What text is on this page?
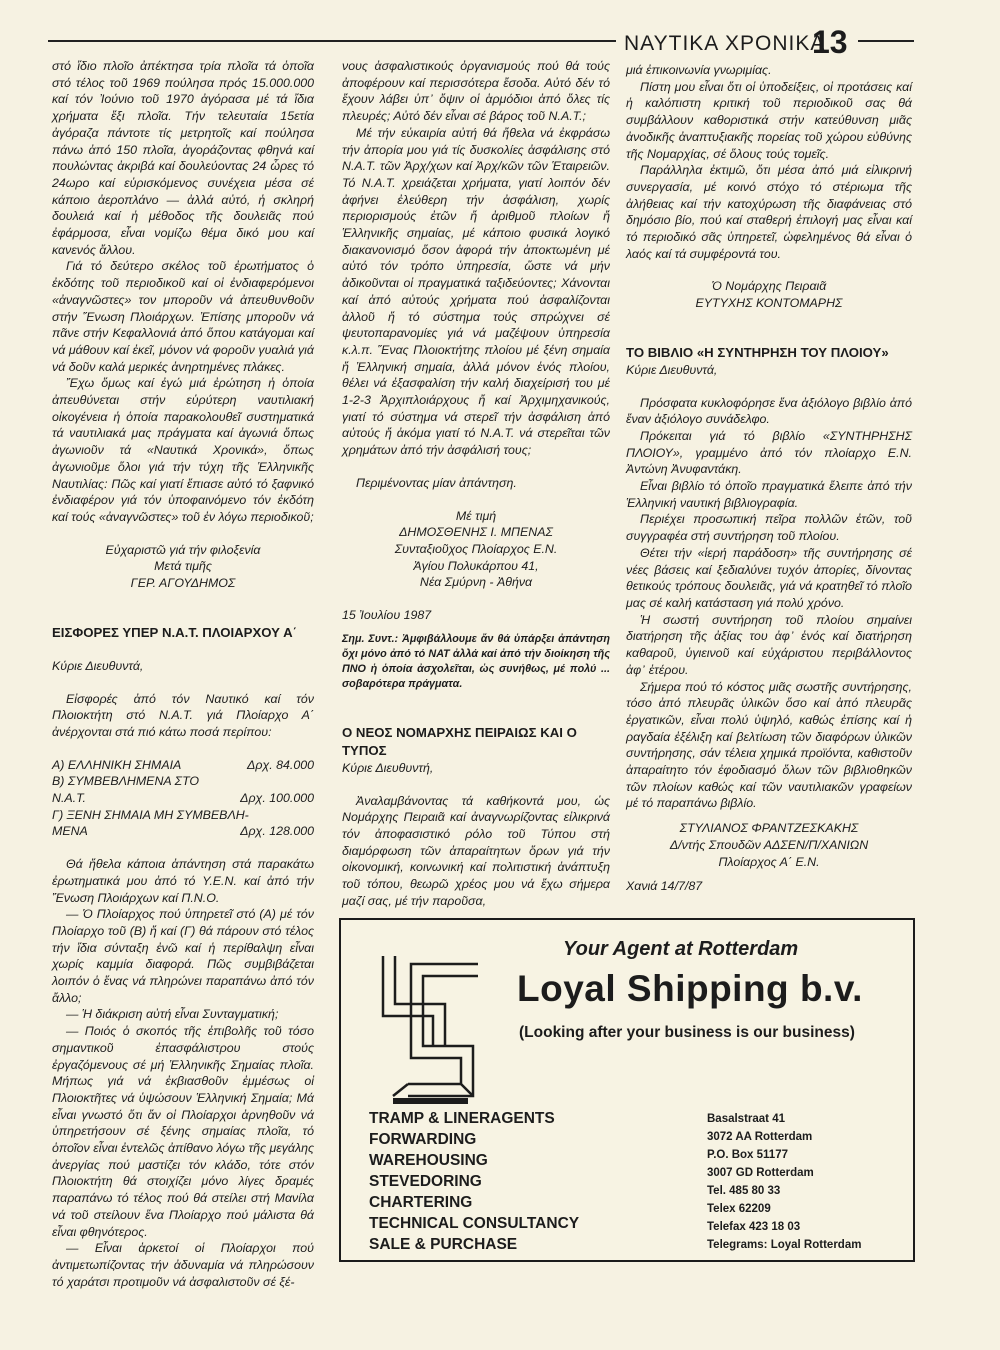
ΝΑΥΤΙΚΑ ΧΡΟΝΙΚΑ
13

στό ἴδιο πλοῖο ἀπέκτησα τρία πλοῖα τά ὁποῖα στό τέλος τοῦ 1969 πούλησα πρός 15.000.000 καί τόν Ἰούνιο τοῦ 1970 ἀγόρασα μέ τά ἴδια χρήματα ἕξι πλοῖα. Τήν τελευταία 15ετία ἀγόραζα πάντοτε τίς μετρητοῖς καί πούλησα πάνω ἀπό 150 πλοῖα, ἀγοράζοντας φθηνά καί πουλώντας ἀκριβά καί δουλεύοντας 24 ὧρες τό 24ωρο καί εὑρισκόμενος συνέχεια μέσα σέ κάποιο ἀεροπλάνο — ἀλλά αὐτό, ἡ σκληρή δουλειά καί ἡ μέθοδος τῆς δουλειᾶς πού ἐφάρμοσα, εἶναι νομίζω θέμα δικό μου καί κανενός ἄλλου.

Γιά τό δεύτερο σκέλος τοῦ ἐρωτήματος ὁ ἐκδότης τοῦ περιοδικοῦ καί οἱ ἐνδιαφερόμενοι «ἀναγνῶστες» τον μποροῦν νά ἀπευθυνθοῦν στήν Ἕνωση Πλοιάρχων. Ἐπίσης μποροῦν νά πᾶνε στήν Κεφαλλονιά ἀπό ὅπου κατάγομαι καί νά μάθουν καί ἐκεῖ, μόνον νά φοροῦν γυαλιά γιά νά δοῦν καλά μερικές ἀνηρτημένες πλάκες.

Ἔχω ὅμως καί ἐγώ μιά ἐρώτηση ἡ ὁποία ἀπευθύνεται στήν εὑρύτερη ναυτιλιακή οἰκογένεια ἡ ὁποία παρακολουθεῖ συστηματικά τά ναυτιλιακά μας πράγματα καί ἀγωνιά ὅπως ἀγωνιοῦν τά «Ναυτικά Χρονικά», ὅπως ἀγωνιοῦμε ὅλοι γιά τήν τύχη τῆς Ἑλληνικῆς Ναυτιλίας: Πῶς καί γιατί ἔπιασε αὐτό τό ξαφνικό ἐνδιαφέρον γιά τόν ὑποφαινόμενο τόν ἐκδότη καί τούς «ἀναγνῶστες» τοῦ ἐν λόγω περιοδικοῦ;

Εὐχαριστῶ γιά τήν φιλοξενία
Μετά τιμῆς
ΓΕΡ. ΑΓΟΥΔΗΜΟΣ
ΕΙΣΦΟΡΕΣ ΥΠΕΡ Ν.Α.Τ. ΠΛΟΙΑΡΧΟΥ Α΄

Κύριε Διευθυντά,

Εἰσφορές ἀπό τόν Ναυτικό καί τόν Πλοιοκτήτη στό Ν.Α.Τ. γιά Πλοίαρχο Α΄ ἀνέρχονται στά πιό κάτω ποσά περίπου:

Α) ΕΛΛΗΝΙΚΗ ΣΗΜΑΙΑ	Δρχ. 84.000
Β) ΣΥΜΒΕΒΛΗΜΕΝΑ ΣΤΟ
Ν.Α.Τ.	Δρχ. 100.000
Γ) ΞΕΝΗ ΣΗΜΑΙΑ ΜΗ ΣΥΜΒΕΒΛΗ-
ΜΕΝΑ	Δρχ. 128.000

Θά ἤθελα κάποια ἀπάντηση στά παρακάτω ἐρωτηματικά μου ἀπό τό Υ.Ε.Ν. καί ἀπό τήν Ἕνωση Πλοιάρχων καί Π.Ν.Ο.

— Ὁ Πλοίαρχος πού ὑπηρετεῖ στό (Α) μέ τόν Πλοίαρχο τοῦ (Β) ἤ καί (Γ) θά πάρουν στό τέλος τήν ἴδια σύνταξη ἐνῶ καί ἡ περίθαλψη εἶναι χωρίς καμμία διαφορά. Πῶς συμβιβάζεται λοιπόν ὁ ἕνας νά πληρώνει παραπάνω ἀπό τόν ἄλλο;

— Ἡ διάκριση αὐτή εἶναι Συνταγματική;

— Ποιός ὁ σκοπός τῆς ἐπιβολῆς τοῦ τόσο σημαντικοῦ ἐπασφάλιστρου στούς ἐργαζόμενους σέ μή Ἑλληνικῆς Σημαίας πλοῖα. Μήπως γιά νά ἐκβιασθοῦν ἐμμέσως οἱ Πλοιοκτῆτες νά ὑψώσουν Ἑλληνική Σημαία; Μά εἶναι γνωστό ὅτι ἄν οἱ Πλοίαρχοι ἀρνηθοῦν νά ὑπηρετήσουν σέ ξένης σημαίας πλοῖα, τό ὁποῖον εἶναι ἐντελῶς ἀπίθανο λόγω τῆς μεγάλης ἀνεργίας πού μαστίζει τόν κλάδο, τότε στόν Πλοιοκτήτη θά στοιχίζει μόνο λίγες δραμές παραπάνω τό τέλος πού θά στείλει στή Μανίλα νά τοῦ στείλουν ἕνα Πλοίαρχο πού μάλιστα θά εἶναι φθηνότερος.

— Εἶναι ἀρκετοί οἱ Πλοίαρχοι πού ἀντιμετωπίζοντας τήν ἀδυναμία νά πληρώσουν τό χαράτσι προτιμοῦν νά ἀσφαλιστοῦν σέ ξέ-

νους ἀσφαλιστικούς ὀργανισμούς πού θά τούς ἀποφέρουν καί περισσότερα ἔσοδα. Αὐτό δέν τό ἔχουν λάβει ὑπ᾿ ὄψιν οἱ ἁρμόδιοι ἀπό ὅλες τίς πλευρές; Αὐτό δέν εἶναι σέ βάρος τοῦ Ν.Α.Τ.;

Μέ τήν εὐκαιρία αὐτή θά ἤθελα νά ἐκφράσω τήν ἀπορία μου γιά τίς δυσκολίες ἀσφάλισης στό Ν.Α.Τ. τῶν Ἀρχ/χων καί Ἀρχ/κῶν τῶν Ἑταιρειῶν. Τό Ν.Α.Τ. χρειάζεται χρήματα, γιατί λοιπόν δέν ἀφήνει ἐλεύθερη τήν ἀσφάλιση, χωρίς περιορισμούς ἐτῶν ἤ ἀριθμοῦ πλοίων ἤ Ἑλληνικῆς σημαίας, μέ κάποιο φυσικά λογικό διακανονισμό ὅσον ἀφορά τήν ἀποκτωμένη μέ αὐτό τόν τρόπο ὑπηρεσία, ὥστε νά μήν ἀδικοῦνται οἱ πραγματικά ταξιδεύοντες; Χάνονται καί ἀπό αὐτούς χρήματα πού ἀσφαλίζονται ἀλλοῦ ἤ τό σύστημα τούς σπρώχνει σέ ψευτοπαρανομίες γιά νά μαζέψουν ὑπηρεσία κ.λ.π. Ἕνας Πλοιοκτήτης πλοίου μέ ξένη σημαία ἤ Ἑλληνική σημαία, ἀλλά μόνον ἑνός πλοίου, θέλει νά ἐξασφαλίση τήν καλή διαχείρισή του μέ 1-2-3 Ἀρχιπλοιάρχους ἤ καί Ἀρχιμηχανικούς, γιατί τό σύστημα νά στερεῖ τήν ἀσφάλιση ἀπό αὐτούς ἤ ἀκόμα γιατί τό Ν.Α.Τ. νά στερεῖται τῶν χρημάτων ἀπό τήν ἀσφάλισή τους;

Περιμένοντας μίαν ἀπάντηση.

Μέ τιμή
ΔΗΜΟΣΘΕΝΗΣ Ι. ΜΠΕΝΑΣ
Συνταξιοῦχος Πλοίαρχος Ε.Ν.
Ἁγίου Πολυκάρπου 41,
Νέα Σμύρνη - Ἀθήνα

15 Ἰουλίου 1987

Σημ. Συντ.: Ἀμφιβάλλουμε ἄν θά ὑπάρξει ἀπάντηση ὄχι μόνο ἀπό τό ΝΑΤ ἀλλά καί ἀπό τήν διοίκηση τῆς ΠΝΟ ἡ ὁποία ἀσχολεῖται, ὡς συνήθως, μέ πολύ ... σοβαρότερα πράγματα.

Ο ΝΕΟΣ ΝΟΜΑΡΧΗΣ ΠΕΙΡΑΙΩΣ ΚΑΙ Ο ΤΥΠΟΣ

Κύριε Διευθυντή,

Ἀναλαμβάνοντας τά καθήκοντά μου, ὡς Νομάρχης Πειραιᾶ καί ἀναγνωρίζοντας εἰλικρινά τόν ἀποφασιστικό ρόλο τοῦ Τύπου στή διαμόρφωση τῶν ἀπαραίτητων ὅρων γιά τήν οἰκονομική, κοινωνική καί πολιτιστική ἀνάπτυξη τοῦ τόπου, θεωρῶ χρέος μου νά ἔχω σήμερα μαζί σας, μέ τήν παροῦσα,

μιά ἐπικοινωνία γνωριμίας.

Πίστη μου εἶναι ὅτι οἱ ὑποδείξεις, οἱ προτάσεις καί ἡ καλόπιστη κριτική τοῦ περιοδικοῦ σας θά συμβάλλουν καθοριστικά στήν κατεύθυνση μιᾶς ἀνοδικῆς ἀναπτυξιακῆς πορείας τοῦ χώρου εὐθύνης τῆς Νομαρχίας, σέ ὅλους τούς τομεῖς.

Παράλληλα ἐκτιμῶ, ὅτι μέσα ἀπό μιά εἰλικρινή συνεργασία, μέ κοινό στόχο τό στέριωμα τῆς ἀλήθειας καί τήν κατοχύρωση τῆς διαφάνειας στό δημόσιο βίο, πού καί σταθερή ἐπιλογή μας εἶναι καί τό περιοδικό σᾶς ὑπηρετεῖ, ὠφελημένος θά εἶναι ὁ λαός καί τά συμφέροντά του.

Ὁ Νομάρχης Πειραιᾶ
ΕΥΤΥΧΗΣ ΚΟΝΤΟΜΑΡΗΣ
ΤΟ ΒΙΒΛΙΟ «Η ΣΥΝΤΗΡΗΣΗ ΤΟΥ ΠΛΟΙΟΥ»

Κύριε Διευθυντά,

Πρόσφατα κυκλοφόρησε ἕνα ἀξιόλογο βιβλίο ἀπό ἕναν ἀξιόλογο συνάδελφο.

Πρόκειται γιά τό βιβλίο «ΣΥΝΤΗΡΗΣΗΣ ΠΛΟΙΟΥ», γραμμένο ἀπό τόν πλοίαρχο Ε.Ν. Ἀντώνη Ἀνυφαντάκη.

Εἶναι βιβλίο τό ὁποῖο πραγματικά ἔλειπε ἀπό τήν Ἑλληνική ναυτική βιβλιογραφία.

Περιέχει προσωπική πεῖρα πολλῶν ἐτῶν, τοῦ συγγραφέα στή συντήρηση τοῦ πλοίου.

Θέτει τήν «ἱερή παράδοση» τῆς συντήρησης σέ νέες βάσεις καί ξεδιαλύνει τυχόν ἀπορίες, δίνοντας θετικούς τρόπους δουλειᾶς, γιά νά κρατηθεῖ τό πλοῖο μας σέ καλή κατάσταση γιά πολύ χρόνο.

Ἡ σωστή συντήρηση τοῦ πλοίου σημαίνει διατήρηση τῆς ἀξίας του ἀφ᾿ ἑνός καί διατήρηση καθαροῦ, ὑγιεινοῦ καί εὐχάριστου περιβάλλοντος ἀφ᾿ ἑτέρου.

Σήμερα πού τό κόστος μιᾶς σωστῆς συντήρησης, τόσο ἀπό πλευρᾶς ὑλικῶν ὅσο καί ἀπό πλευρᾶς ἐργατικῶν, εἶναι πολύ ὑψηλό, καθώς ἐπίσης καί ἡ ραγδαία ἐξέλιξη καί βελτίωση τῶν διαφόρων ὑλικῶν συντήρησης, σάν τέλεια χημικά προϊόντα, καθιστοῦν ἀπαραίτητο τόν ἐφοδιασμό ὅλων τῶν βιβλιοθηκῶν τῶν πλοίων καθώς καί τῶν ναυτιλιακῶν γραφείων μέ τό παραπάνω βιβλίο.

ΣΤΥΛΙΑΝΟΣ ΦΡΑΝΤΖΕΣΚΑΚΗΣ
Δ/ντής Σπουδῶν ΑΔΣΕΝ/Π/ΧΑΝΙΩΝ
Πλοίαρχος Α΄ Ε.Ν.

Χανιά 14/7/87

Your Agent at Rotterdam
Loyal Shipping b.v.
(Looking after your business is our business)
TRAMP & LINERAGENTS
FORWARDING
WAREHOUSING
STEVEDORING
CHARTERING
TECHNICAL CONSULTANCY
SALE & PURCHASE
Basalstraat 41
3072 AA Rotterdam
P.O. Box 51177
3007 GD Rotterdam
Tel. 485 80 33
Telex 62209
Telefax 423 18 03
Telegrams: Loyal Rotterdam
